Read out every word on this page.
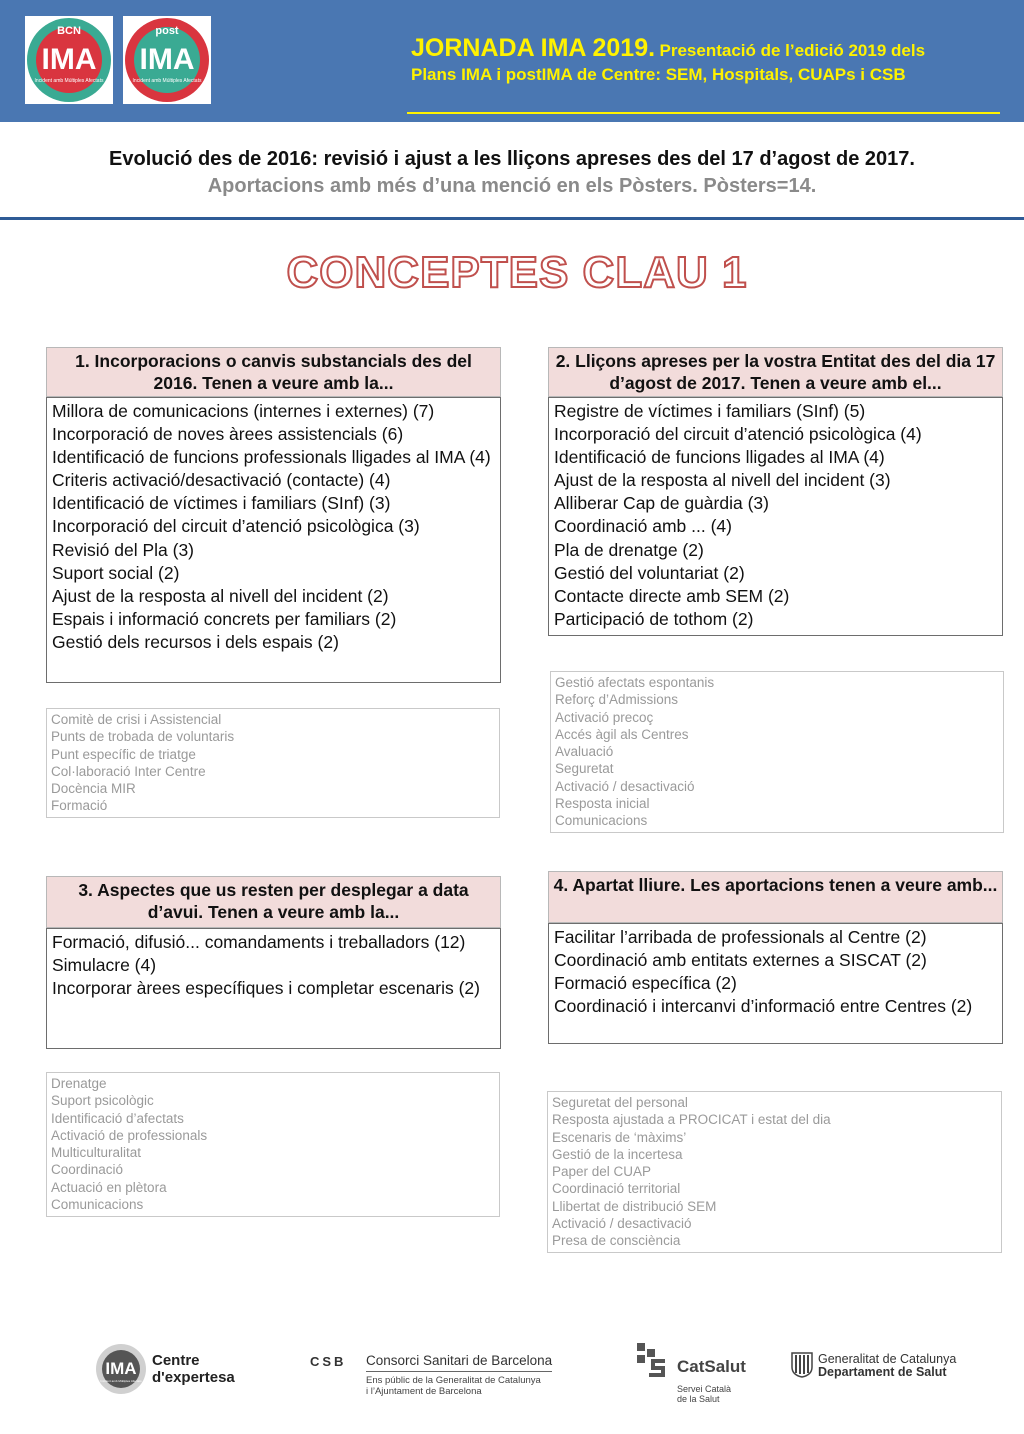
BCN
IMA
Incident amb Múltiples Afectats
post
IMA
Incident amb Múltiples Afectats
JORNADA IMA 2019. Presentació de l’edició 2019 dels
Plans IMA i postIMA de Centre: SEM, Hospitals, CUAPs i CSB
Evolució des de 2016: revisió i ajust a les lliçons apreses des del 17 d’agost de 2017.
Aportacions amb més d’una menció en els Pòsters. Pòsters=14.
CONCEPTES CLAU 1
1. Incorporacions o canvis substancials des del 2016. Tenen a veure amb la...
Millora de comunicacions (internes i externes) (7)
Incorporació de noves àrees assistencials (6)
Identificació de funcions professionals lligades al IMA (4)
Criteris activació/desactivació (contacte) (4)
Identificació de víctimes i familiars (SInf) (3)
Incorporació del circuit d’atenció psicològica (3)
Revisió del Pla (3)
Suport social (2)
Ajust de la resposta al nivell del incident (2)
Espais i informació concrets per familiars (2)
Gestió dels recursos i dels espais (2)
Comitè de crisi i Assistencial
Punts de trobada de voluntaris
Punt específic de triatge
Col·laboració Inter Centre
Docència MIR
Formació
2. Lliçons apreses per la vostra Entitat des del dia 17 d’agost de 2017. Tenen a veure amb el...
Registre de víctimes i familiars (SInf) (5)
Incorporació del circuit d’atenció psicològica (4)
Identificació de funcions lligades al IMA (4)
Ajust de la resposta al nivell del incident (3)
Alliberar Cap de guàrdia (3)
Coordinació amb ... (4)
Pla de drenatge (2)
Gestió del voluntariat (2)
Contacte directe amb SEM (2)
Participació de tothom (2)
Gestió afectats espontanis
Reforç d’Admissions
Activació precoç
Accés àgil als Centres
Avaluació
Seguretat
Activació / desactivació
Resposta inicial
Comunicacions
3. Aspectes que us resten per desplegar a data d’avui. Tenen a veure amb la...
Formació, difusió... comandaments i treballadors (12)
Simulacre (4)
Incorporar àrees específiques i completar escenaris (2)
Drenatge
Suport psicològic
Identificació d’afectats
Activació de professionals
Multiculturalitat
Coordinació
Actuació en plètora
Comunicacions
4. Apartat lliure. Les aportacions tenen a veure amb...
Facilitar l’arribada de professionals al Centre (2)
Coordinació amb entitats externes a SISCAT (2)
Formació específica (2)
Coordinació i intercanvi d’informació entre Centres (2)
Seguretat del personal
Resposta ajustada a PROCICAT i estat del dia
Escenaris de ‘màxims’
Gestió de la incertesa
Paper del CUAP
Coordinació territorial
Llibertat de distribució SEM
Activació / desactivació
Presa de consciència
IMA
Incident amb Múltiples Afectats
Centre
d'expertesa
CSB Consorci Sanitari de Barcelona
Ens públic de la Generalitat de Catalunya
i l’Ajuntament de Barcelona
CatSalut
Servei Català
de la Salut
Generalitat de Catalunya
Departament de Salut
